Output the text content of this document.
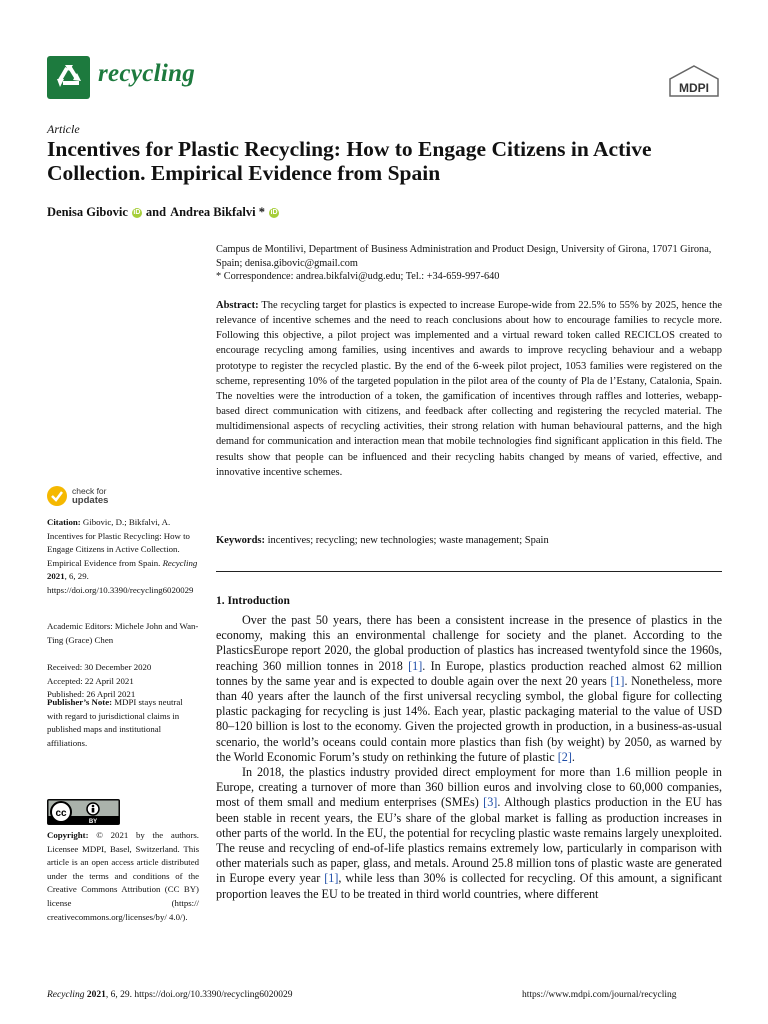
recycling
MDPI
Article
Incentives for Plastic Recycling: How to Engage Citizens in Active Collection. Empirical Evidence from Spain
Denisa Gibovic iD and Andrea Bikfalvi * iD

Campus de Montilivi, Department of Business Administration and Product Design, University of Girona, 17071 Girona, Spain; denisa.gibovic@gmail.com

* Correspondence: andrea.bikfalvi@udg.edu; Tel.: +34-659-997-640

Abstract: The recycling target for plastics is expected to increase Europe-wide from 22.5% to 55% by 2025, hence the relevance of incentive schemes and the need to reach conclusions about how to encourage families to recycle more. Following this objective, a pilot project was implemented and a virtual reward token called RECICLOS created to encourage recycling among families, using incentives and awards to improve recycling behaviour and a webapp prototype to register the recycled plastic. By the end of the 6-week pilot project, 1053 families were registered on the scheme, representing 10% of the targeted population in the pilot area of the county of Pla de l’Estany, Catalonia, Spain. The novelties were the introduction of a token, the gamification of incentives through raffles and lotteries, webapp-based direct communication with citizens, and feedback after collecting and registering the recycled material. The multidimensional aspects of recycling activities, their strong relation with human behavioural patterns, and the high demand for communication and interaction mean that mobile technologies find significant application in this field. The results show that people can be influenced and their recycling habits changed by means of varied, effective, and innovative incentive schemes.
Keywords: incentives; recycling; new technologies; waste management; Spain
1. Introduction

Over the past 50 years, there has been a consistent increase in the presence of plastics in the economy, making this an environmental challenge for society and the planet. According to the PlasticsEurope report 2020, the global production of plastics has increased twentyfold since the 1960s, reaching 360 million tonnes in 2018 [1]. In Europe, plastics production reached almost 62 million tonnes by the same year and is expected to double again over the next 20 years [1]. Nonetheless, more than 40 years after the launch of the first universal recycling symbol, the global figure for collecting plastic packaging for recycling is just 14%. Each year, plastic packaging material to the value of USD 80–120 billion is lost to the economy. Given the projected growth in production, in a business-as-usual scenario, the world’s oceans could contain more plastics than fish (by weight) by 2050, as warned by the World Economic Forum’s study on rethinking the future of plastic [2].

In 2018, the plastics industry provided direct employment for more than 1.6 million people in Europe, creating a turnover of more than 360 billion euros and involving close to 60,000 companies, most of them small and medium enterprises (SMEs) [3]. Although plastics production in the EU has been stable in recent years, the EU’s share of the global market is falling as production increases in other parts of the world. In the EU, the potential for recycling plastic waste remains largely unexploited. The reuse and recycling of end-of-life plastics remains extremely low, particularly in comparison with other materials such as paper, glass, and metals. Around 25.8 million tons of plastic waste are generated in Europe every year [1], while less than 30% is collected for recycling. Of this amount, a significant proportion leaves the EU to be treated in third world countries, where different

check for
updates

Citation: Gibovic, D.; Bikfalvi, A. Incentives for Plastic Recycling: How to Engage Citizens in Active Collection. Empirical Evidence from Spain. Recycling 2021, 6, 29. https://doi.org/10.3390/recycling6020029

Academic Editors: Michele John and Wan-Ting (Grace) Chen

Received: 30 December 2020

Accepted: 22 April 2021

Published: 26 April 2021

Publisher’s Note: MDPI stays neutral with regard to jurisdictional claims in published maps and institutional affiliations.

cc
BY

Copyright: © 2021 by the authors. Licensee MDPI, Basel, Switzerland. This article is an open access article distributed under the terms and conditions of the Creative Commons Attribution (CC BY) license (https:// creativecommons.org/licenses/by/ 4.0/).

Recycling 2021, 6, 29. https://doi.org/10.3390/recycling6020029	https://www.mdpi.com/journal/recycling
